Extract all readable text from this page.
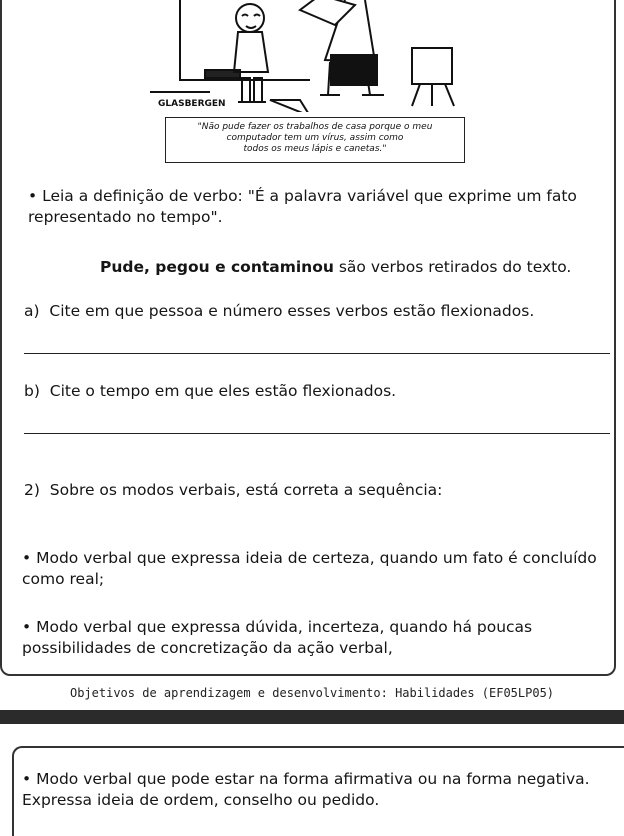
GLASBERGEN
"Não pude fazer os trabalhos de casa porque o meu
computador tem um vírus, assim como
todos os meus lápis e canetas."
• Leia a definição de verbo: "É a palavra variável que exprime um fato
representado no tempo".
Pude, pegou e contaminou são verbos retirados do texto.
a) Cite em que pessoa e número esses verbos estão flexionados.
b) Cite o tempo em que eles estão flexionados.
2) Sobre os modos verbais, está correta a sequência:
• Modo verbal que expressa ideia de certeza, quando um fato é concluído
como real;
• Modo verbal que expressa dúvida, incerteza, quando há poucas
possibilidades de concretização da ação verbal,
Objetivos de aprendizagem e desenvolvimento: Habilidades (EF05LP05)
• Modo verbal que pode estar na forma afirmativa ou na forma negativa.
Expressa ideia de ordem, conselho ou pedido.
